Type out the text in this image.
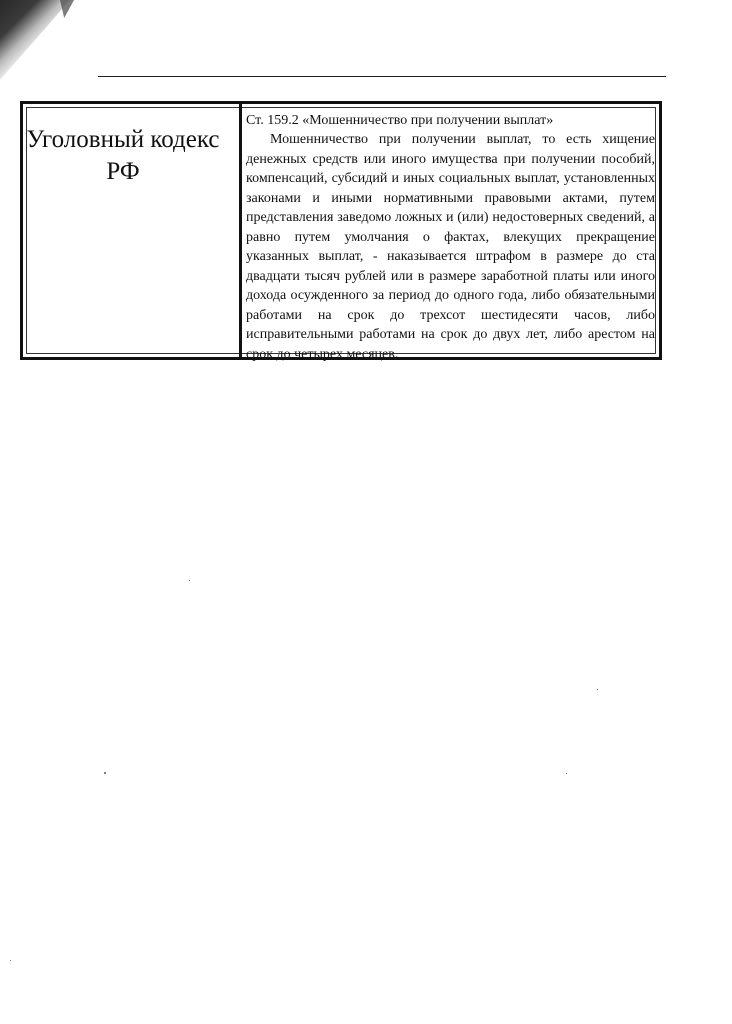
Уголовный кодекс РФ
Ст. 159.2 «Мошенничество при получении выплат»

Мошенничество при получении выплат, то есть хищение денежных средств или иного имущества при получении пособий, компенсаций, субсидий и иных социальных выплат, установленных законами и иными нормативными правовыми актами, путем представления заведомо ложных и (или) недостоверных сведений, а равно путем умолчания о фактах, влекущих прекращение указанных выплат, - наказывается штрафом в размере до ста двадцати тысяч рублей или в размере заработной платы или иного дохода осужденного за период до одного года, либо обязательными работами на срок до трехсот шестидесяти часов, либо исправительными работами на срок до двух лет, либо арестом на срок до четырех месяцев.
